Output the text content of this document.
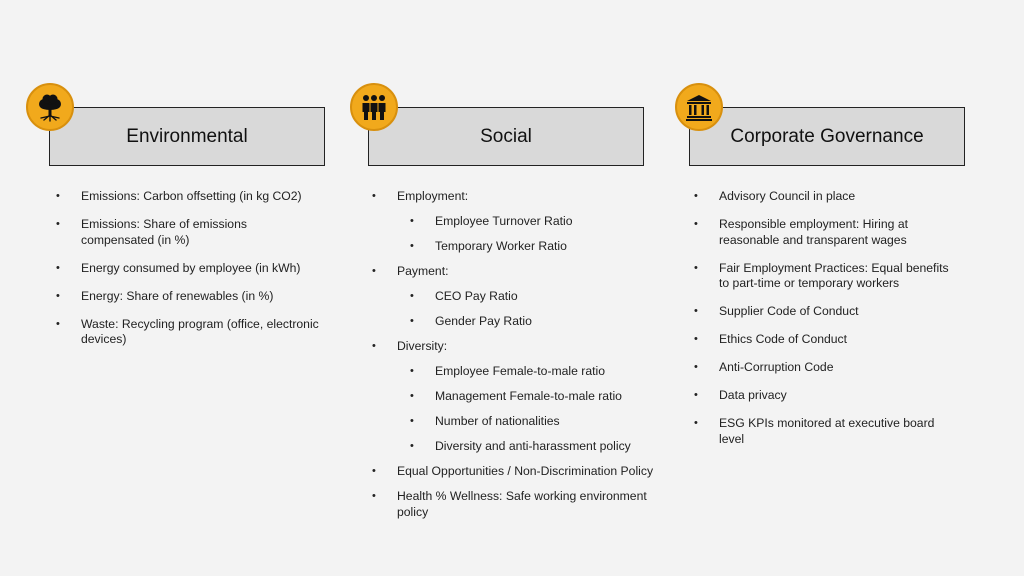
Environmental
• Emissions: Carbon offsetting (in kg CO2)
• Emissions: Share of emissions compensated (in %)
• Energy consumed by employee (in kWh)
• Energy: Share of renewables (in %)
• Waste: Recycling program (office, electronic devices)
Social
• Employment:
• Employee Turnover Ratio
• Temporary Worker Ratio
• Payment:
• CEO Pay Ratio
• Gender Pay Ratio
• Diversity:
• Employee Female-to-male ratio
• Management Female-to-male ratio
• Number of nationalities
• Diversity and anti-harassment policy
• Equal Opportunities / Non-Discrimination Policy
• Health % Wellness: Safe working environment policy
Corporate Governance
• Advisory Council in place
• Responsible employment: Hiring at reasonable and transparent wages
• Fair Employment Practices: Equal benefits to part-time or temporary workers
• Supplier Code of Conduct
• Ethics Code of Conduct
• Anti-Corruption Code
• Data privacy
• ESG KPIs monitored at executive board level
